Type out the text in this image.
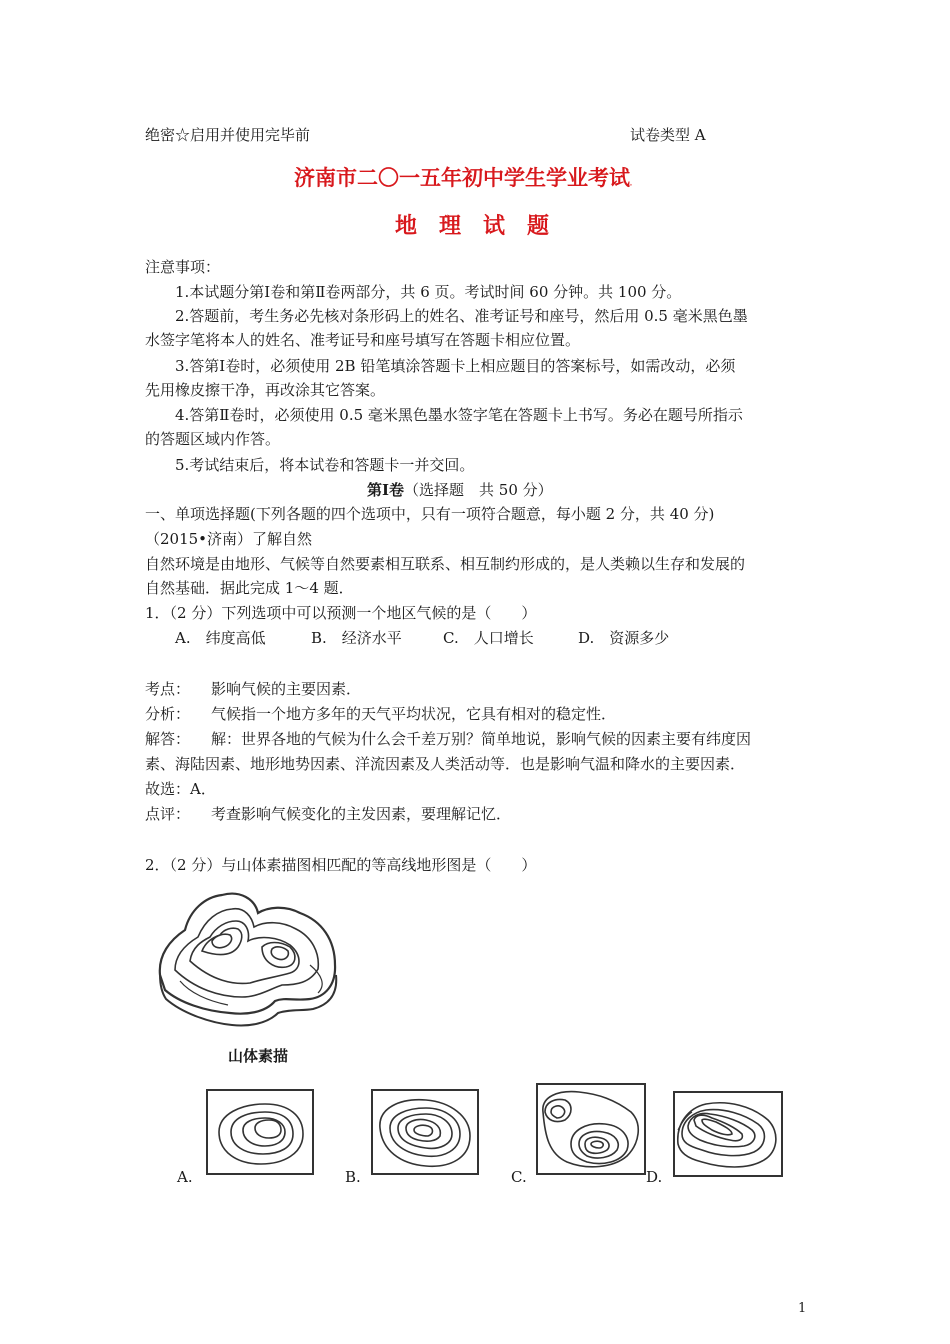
绝密☆启用并使用完毕前	试卷类型 A
济南市二〇一五年初中学生学业考试。
地　理　试　题
注意事项：
1.本试题分第Ⅰ卷和第Ⅱ卷两部分，共 6 页。考试时间 60 分钟。共 100 分。
2.答题前，考生务必先核对条形码上的姓名、准考证号和座号，然后用 0.5 毫米黑色墨
水签字笔将本人的姓名、准考证号和座号填写在答题卡相应位置。
3.答第Ⅰ卷时，必须使用 2B 铅笔填涂答题卡上相应题目的答案标号，如需改动，必须
先用橡皮擦干净，再改涂其它答案。
4.答第Ⅱ卷时，必须使用 0.5 毫米黑色墨水签字笔在答题卡上书写。务必在题号所指示
的答题区域内作答。
5.考试结束后，将本试卷和答题卡一并交回。
第Ⅰ卷（选择题　共 50 分）
一、单项选择题(下列各题的四个选项中，只有一项符合题意，每小题 2 分，共 40 分)
（2015•济南）了解自然
自然环境是由地形、气候等自然要素相互联系、相互制约形成的，是人类赖以生存和发展的
自然基础．据此完成 1～4 题．
1．（2 分）下列选项中可以预测一个地区气候的是（　　）
A.　纬度高低	B.　经济水平	C.　人口增长	D.　资源多少
考点： 影响气候的主要因素．
分析： 气候指一个地方多年的天气平均状况，它具有相对的稳定性．
解答： 解：世界各地的气候为什么会千差万别？简单地说，影响气候的因素主要有纬度因
素、海陆因素、地形地势因素、洋流因素及人类活动等．也是影响气温和降水的主要因素．
故选：A．
点评： 考查影响气候变化的主发因素，要理解记忆．
2．（2 分）与山体素描图相匹配的等高线地形图是（　　）
山体素描
A.	B.	C.	D.
1
